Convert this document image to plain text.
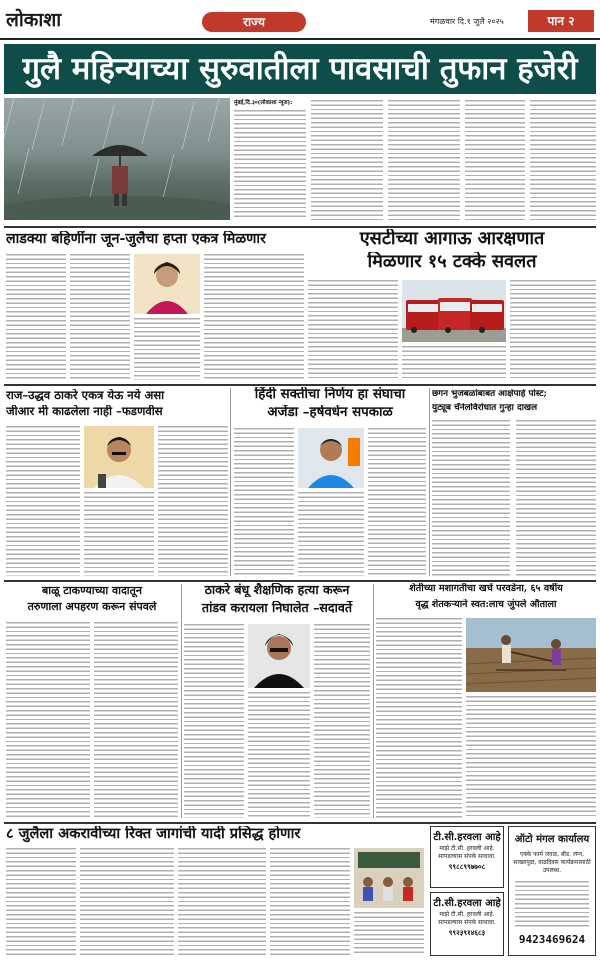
लोकाशा	राज्य	मंगळवार दि.१ जुलै २०२५	पान २
गुलै महिन्याच्या सुरुवातीला पावसाची तुफान हजेरी
मुंबई,दि.३०(लोकाशा न्यूज):
लाडक्या बहिणींना जून-जुलैचा हप्ता एकत्र मिळणार	एसटीच्या आगाऊ आरक्षणात
मिळणार १५ टक्के सवलत
राज–उद्धव ठाकरे एकत्र येऊ नये असा
जीआर मी काढलेला नाही –फडणवीस
हिंदी सक्तीचा निर्णय हा संघाचा
अजेंडा –हर्षवर्धन सपकाळ
छगन भुजबळांबाबत आक्षेपार्ह पोस्ट;
युट्यूब चॅनेलविरोधात गुन्हा दाखल
बाळू टाकण्याच्या वादातून
तरुणाला अपहरण करून संपवले
ठाकरे बंधू शैक्षणिक हत्या करून
तांडव करायला निघालेत –सदावर्ते
शेतीच्या मशागतीचा खर्च परवडेना, ६५ वर्षीय
वृद्ध शेतकऱ्याने स्वत:लाच जुंपले औताला
८ जुलैला अकरावीच्या रिक्त जागांची यादी प्रसिद्ध होणार	टी.सी.हरवला आहे
माझे टी.सी. हरवली आहे. सापडल्यास संपर्क साधावा.
९९८८९९७७०८
टी.सी.हरवला आहे
माझे टी.सी. हरवली आहे. सापडल्यास संपर्क साधावा.
९९२३९१४६८३
ऑटो मंगल कार्यालय
एक्के फार्म जवळ, बीड. लग्न, साखरपुडा, वाढदिवस कार्यक्रमासाठी उपलब्ध.
9423469624
